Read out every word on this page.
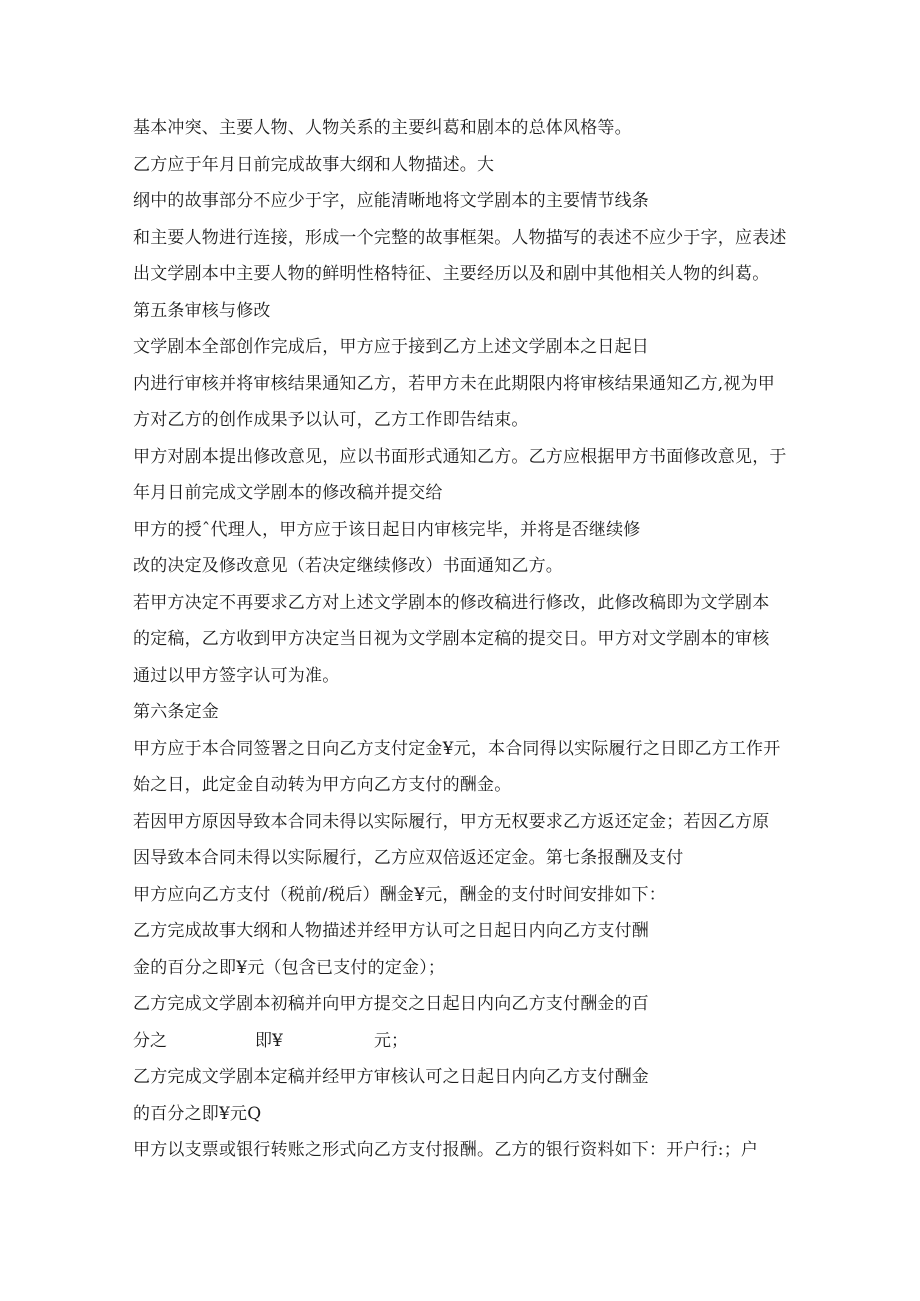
基本冲突、主要人物、人物关系的主要纠葛和剧本的总体风格等。
乙方应于年月日前完成故事大纲和人物描述。大
纲中的故事部分不应少于字，应能清晰地将文学剧本的主要情节线条
和主要人物进行连接，形成一个完整的故事框架。人物描写的表述不应少于字，应表述
出文学剧本中主要人物的鲜明性格特征、主要经历以及和剧中其他相关人物的纠葛。
第五条审核与修改
文学剧本全部创作完成后，甲方应于接到乙方上述文学剧本之日起日
内进行审核并将审核结果通知乙方，若甲方未在此期限内将审核结果通知乙方,视为甲
方对乙方的创作成果予以认可，乙方工作即告结束。
甲方对剧本提出修改意见，应以书面形式通知乙方。乙方应根据甲方书面修改意见，于
年月日前完成文学剧本的修改稿并提交给
甲方的授ˆ代理人，甲方应于该日起日内审核完毕，并将是否继续修
改的决定及修改意见（若决定继续修改）书面通知乙方。
若甲方决定不再要求乙方对上述文学剧本的修改稿进行修改，此修改稿即为文学剧本
的定稿，乙方收到甲方决定当日视为文学剧本定稿的提交日。甲方对文学剧本的审核
通过以甲方签字认可为准。
第六条定金
甲方应于本合同签署之日向乙方支付定金¥元，本合同得以实际履行之日即乙方工作开
始之日，此定金自动转为甲方向乙方支付的酬金。
若因甲方原因导致本合同未得以实际履行，甲方无权要求乙方返还定金；若因乙方原
因导致本合同未得以实际履行，乙方应双倍返还定金。第七条报酬及支付
甲方应向乙方支付（税前/税后）酬金¥元，酬金的支付时间安排如下：
乙方完成故事大纲和人物描述并经甲方认可之日起日内向乙方支付酬
金的百分之即¥元（包含已支付的定金）；
乙方完成文学剧本初稿并向甲方提交之日起日内向乙方支付酬金的百
分之	即¥	元；
乙方完成文学剧本定稿并经甲方审核认可之日起日内向乙方支付酬金
的百分之即¥元Q
甲方以支票或银行转账之形式向乙方支付报酬。乙方的银行资料如下：开户行:；户
